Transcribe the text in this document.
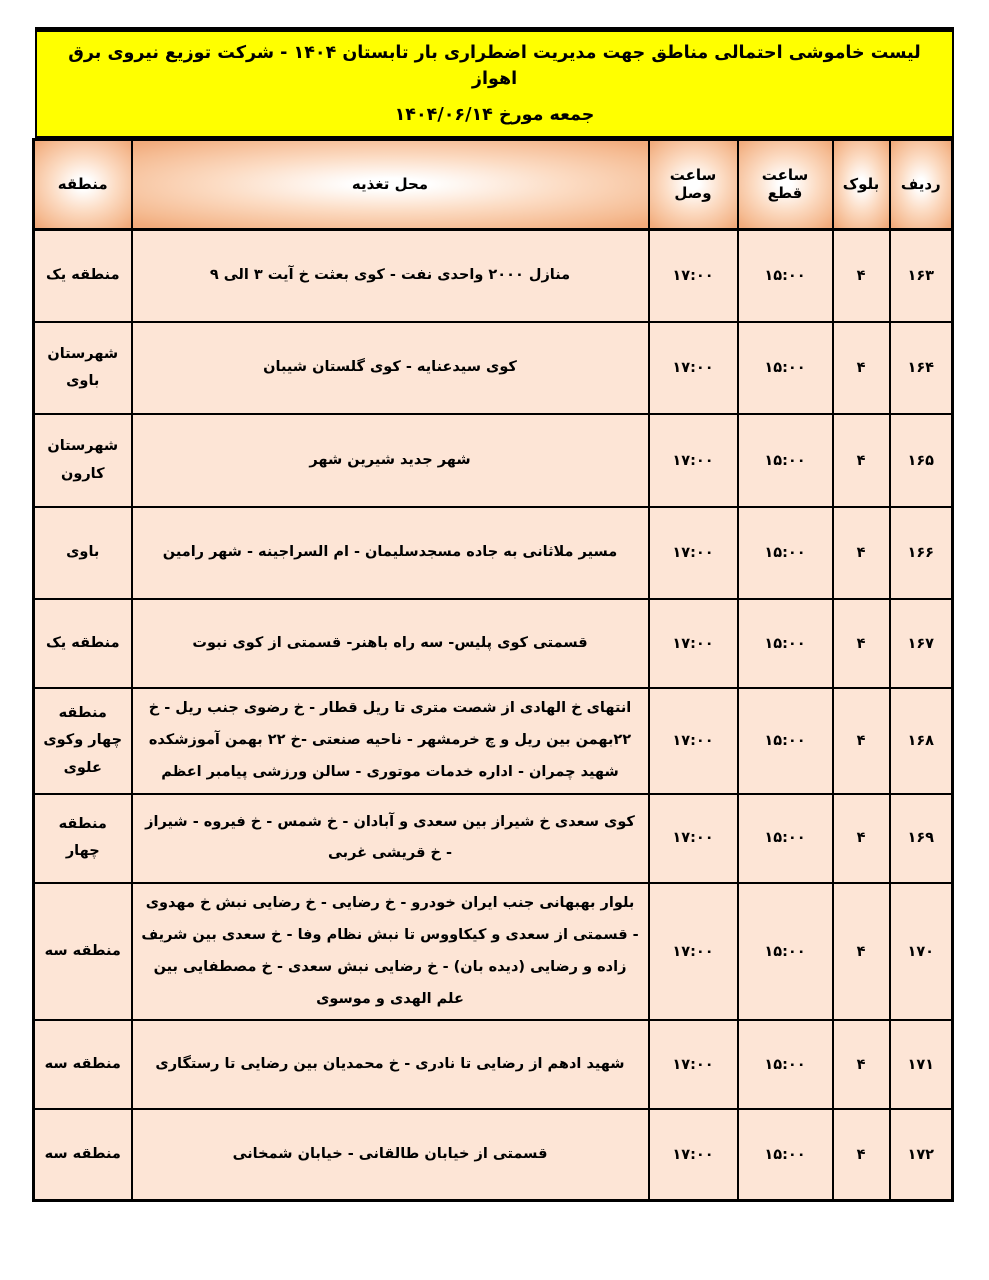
لیست خاموشی احتمالی مناطق جهت مدیریت اضطراری بار تابستان ۱۴۰۴ - شرکت توزیع نیروی برق اهواز
جمعه مورخ ۱۴۰۴/۰۶/۱۴
ردیف	بلوک	ساعت قطع	ساعت وصل	محل تغذیه	منطقه
۱۶۳	۴	۱۵:۰۰	۱۷:۰۰	منازل ۲۰۰۰ واحدی نفت - کوی بعثت خ آیت ۳ الی ۹	منطقه یک
۱۶۴	۴	۱۵:۰۰	۱۷:۰۰	کوی سیدعنایه - کوی گلستان شیبان	شهرستان باوی
۱۶۵	۴	۱۵:۰۰	۱۷:۰۰	شهر جدید شیرین شهر	شهرستان کارون
۱۶۶	۴	۱۵:۰۰	۱۷:۰۰	مسیر ملاثانی به جاده مسجدسلیمان - ام السراجینه - شهر رامین	باوی
۱۶۷	۴	۱۵:۰۰	۱۷:۰۰	قسمتی کوی پلیس- سه راه باهنر- قسمتی از کوی نبوت	منطقه یک
۱۶۸	۴	۱۵:۰۰	۱۷:۰۰	انتهای خ الهادی از شصت متری تا ریل قطار - خ رضوی جنب ریل - خ ۲۲بهمن بین ریل و چ خرمشهر - ناحیه صنعتی -خ ۲۲ بهمن آموزشکده شهید چمران - اداره خدمات موتوری - سالن ورزشی پیامبر اعظم	منطقه چهار وکوی علوی
۱۶۹	۴	۱۵:۰۰	۱۷:۰۰	کوی سعدی خ شیراز بین سعدی و آبادان - خ شمس - خ فیروه - شیراز - خ قریشی غربی	منطقه چهار
۱۷۰	۴	۱۵:۰۰	۱۷:۰۰	بلوار بهبهانی جنب ایران خودرو - خ رضایی - خ رضایی نبش خ مهدوی - قسمتی از سعدی و کیکاووس تا نبش نظام وفا - خ سعدی بین شریف زاده و رضایی (دیده بان) - خ رضایی نبش سعدی - خ مصطفایی بین علم الهدی و موسوی	منطقه سه
۱۷۱	۴	۱۵:۰۰	۱۷:۰۰	شهید ادهم از رضایی تا نادری - خ محمدیان بین رضایی تا رستگاری	منطقه سه
۱۷۲	۴	۱۵:۰۰	۱۷:۰۰	قسمتی از خیابان طالقانی - خیابان شمخانی	منطقه سه
